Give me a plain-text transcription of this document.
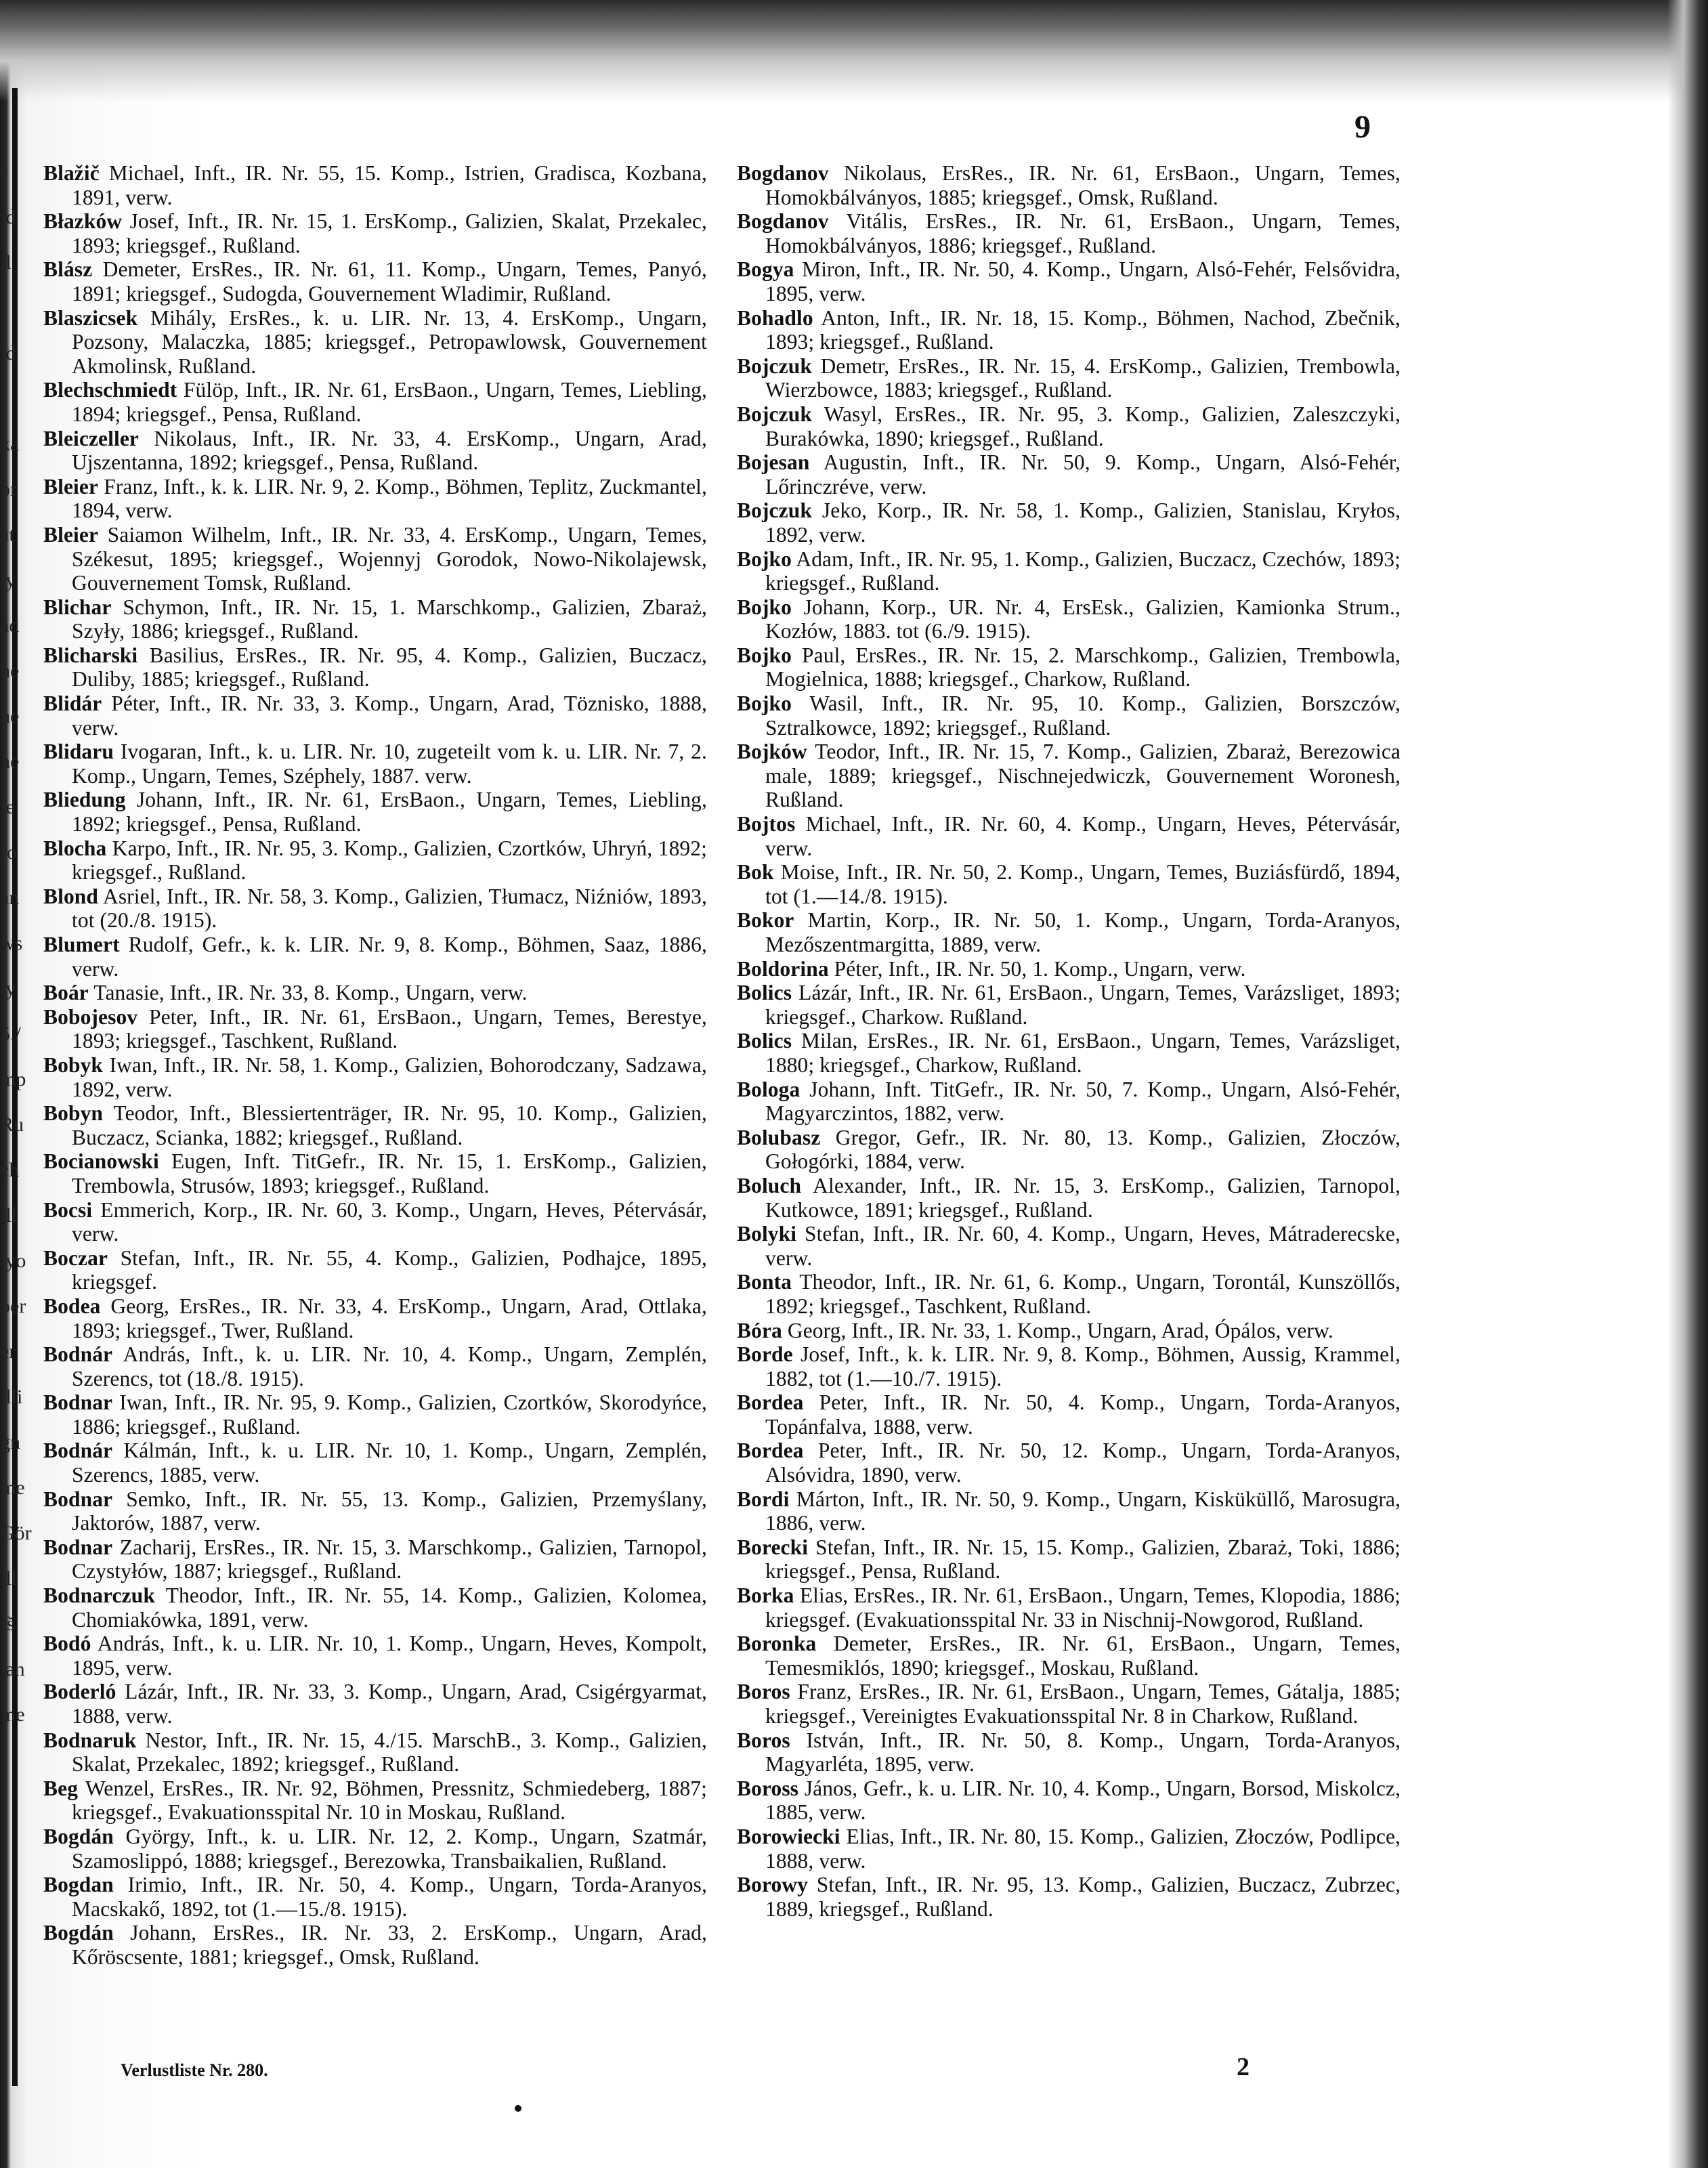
r
id
il
i
ld
t
ka
pr
ät
ty
ad
he
ne
ne
ie
ro
an
ws
ty
5./
mp
Ru
ch
ill
iyo
per
er
illi
gn
me
Gör
ill
rš
lan
me
9
Blažič Michael, Inft., IR. Nr. 55, 15. Komp., Istrien, Gradisca, Kozbana, 1891, verw.
Błazków Josef, Inft., IR. Nr. 15, 1. ErsKomp., Galizien, Skalat, Przekalec, 1893; kriegsgef., Rußland.
Blász Demeter, ErsRes., IR. Nr. 61, 11. Komp., Ungarn, Temes, Panyó, 1891; kriegsgef., Sudogda, Gouvernement Wladimir, Rußland.
Blaszicsek Mihály, ErsRes., k. u. LIR. Nr. 13, 4. ErsKomp., Ungarn, Pozsony, Malaczka, 1885; kriegsgef., Petropawlowsk, Gouvernement Akmolinsk, Rußland.
Blechschmiedt Fülöp, Inft., IR. Nr. 61, ErsBaon., Ungarn, Temes, Liebling, 1894; kriegsgef., Pensa, Rußland.
Bleiczeller Nikolaus, Inft., IR. Nr. 33, 4. ErsKomp., Ungarn, Arad, Ujszentanna, 1892; kriegsgef., Pensa, Rußland.
Bleier Franz, Inft., k. k. LIR. Nr. 9, 2. Komp., Böhmen, Teplitz, Zuckmantel, 1894, verw.
Bleier Saiamon Wilhelm, Inft., IR. Nr. 33, 4. ErsKomp., Ungarn, Temes, Székesut, 1895; kriegsgef., Wojennyj Gorodok, Nowo-Nikolajewsk, Gouvernement Tomsk, Rußland.
Blichar Schymon, Inft., IR. Nr. 15, 1. Marschkomp., Galizien, Zbaraż, Szyły, 1886; kriegsgef., Rußland.
Blicharski Basilius, ErsRes., IR. Nr. 95, 4. Komp., Galizien, Buczacz, Duliby, 1885; kriegsgef., Rußland.
Blidár Péter, Inft., IR. Nr. 33, 3. Komp., Ungarn, Arad, Töznisko, 1888, verw.
Blidaru Ivogaran, Inft., k. u. LIR. Nr. 10, zugeteilt vom k. u. LIR. Nr. 7, 2. Komp., Ungarn, Temes, Széphely, 1887. verw.
Bliedung Johann, Inft., IR. Nr. 61, ErsBaon., Ungarn, Temes, Liebling, 1892; kriegsgef., Pensa, Rußland.
Blocha Karpo, Inft., IR. Nr. 95, 3. Komp., Galizien, Czortków, Uhryń, 1892; kriegsgef., Rußland.
Blond Asriel, Inft., IR. Nr. 58, 3. Komp., Galizien, Tłumacz, Niźniów, 1893, tot (20./8. 1915).
Blumert Rudolf, Gefr., k. k. LIR. Nr. 9, 8. Komp., Böhmen, Saaz, 1886, verw.
Boár Tanasie, Inft., IR. Nr. 33, 8. Komp., Ungarn, verw.
Bobojesov Peter, Inft., IR. Nr. 61, ErsBaon., Ungarn, Temes, Berestye, 1893; kriegsgef., Taschkent, Rußland.
Bobyk Iwan, Inft., IR. Nr. 58, 1. Komp., Galizien, Bohorodczany, Sadzawa, 1892, verw.
Bobyn Teodor, Inft., Blessiertenträger, IR. Nr. 95, 10. Komp., Galizien, Buczacz, Scianka, 1882; kriegsgef., Rußland.
Bocianowski Eugen, Inft. TitGefr., IR. Nr. 15, 1. ErsKomp., Galizien, Trembowla, Strusów, 1893; kriegsgef., Rußland.
Bocsi Emmerich, Korp., IR. Nr. 60, 3. Komp., Ungarn, Heves, Pétervásár, verw.
Boczar Stefan, Inft., IR. Nr. 55, 4. Komp., Galizien, Podhajce, 1895, kriegsgef.
Bodea Georg, ErsRes., IR. Nr. 33, 4. ErsKomp., Ungarn, Arad, Ottlaka, 1893; kriegsgef., Twer, Rußland.
Bodnár András, Inft., k. u. LIR. Nr. 10, 4. Komp., Ungarn, Zemplén, Szerencs, tot (18./8. 1915).
Bodnar Iwan, Inft., IR. Nr. 95, 9. Komp., Galizien, Czortków, Skorodyńce, 1886; kriegsgef., Rußland.
Bodnár Kálmán, Inft., k. u. LIR. Nr. 10, 1. Komp., Ungarn, Zemplén, Szerencs, 1885, verw.
Bodnar Semko, Inft., IR. Nr. 55, 13. Komp., Galizien, Przemyślany, Jaktorów, 1887, verw.
Bodnar Zacharij, ErsRes., IR. Nr. 15, 3. Marschkomp., Galizien, Tarnopol, Czystyłów, 1887; kriegsgef., Rußland.
Bodnarczuk Theodor, Inft., IR. Nr. 55, 14. Komp., Galizien, Kolomea, Chomiakówka, 1891, verw.
Bodó András, Inft., k. u. LIR. Nr. 10, 1. Komp., Ungarn, Heves, Kompolt, 1895, verw.
Boderló Lázár, Inft., IR. Nr. 33, 3. Komp., Ungarn, Arad, Csigérgyarmat, 1888, verw.
Bodnaruk Nestor, Inft., IR. Nr. 15, 4./15. MarschB., 3. Komp., Galizien, Skalat, Przekalec, 1892; kriegsgef., Rußland.
Beg Wenzel, ErsRes., IR. Nr. 92, Böhmen, Pressnitz, Schmiedeberg, 1887; kriegsgef., Evakuationsspital Nr. 10 in Moskau, Rußland.
Bogdán György, Inft., k. u. LIR. Nr. 12, 2. Komp., Ungarn, Szatmár, Szamoslippó, 1888; kriegsgef., Berezowka, Transbaikalien, Rußland.
Bogdan Irimio, Inft., IR. Nr. 50, 4. Komp., Ungarn, Torda-Aranyos, Macskakő, 1892, tot (1.—15./8. 1915).
Bogdán Johann, ErsRes., IR. Nr. 33, 2. ErsKomp., Ungarn, Arad, Kőröscsente, 1881; kriegsgef., Omsk, Rußland.
Bogdanov Nikolaus, ErsRes., IR. Nr. 61, ErsBaon., Ungarn, Temes, Homokbálványos, 1885; kriegsgef., Omsk, Rußland.
Bogdanov Vitális, ErsRes., IR. Nr. 61, ErsBaon., Ungarn, Temes, Homokbálványos, 1886; kriegsgef., Rußland.
Bogya Miron, Inft., IR. Nr. 50, 4. Komp., Ungarn, Alsó-Fehér, Felsővidra, 1895, verw.
Bohadlo Anton, Inft., IR. Nr. 18, 15. Komp., Böhmen, Nachod, Zbečnik, 1893; kriegsgef., Rußland.
Bojczuk Demetr, ErsRes., IR. Nr. 15, 4. ErsKomp., Galizien, Trembowla, Wierzbowce, 1883; kriegsgef., Rußland.
Bojczuk Wasyl, ErsRes., IR. Nr. 95, 3. Komp., Galizien, Zaleszczyki, Burakówka, 1890; kriegsgef., Rußland.
Bojesan Augustin, Inft., IR. Nr. 50, 9. Komp., Ungarn, Alsó-Fehér, Lőrinczréve, verw.
Bojczuk Jeko, Korp., IR. Nr. 58, 1. Komp., Galizien, Stanislau, Kryłos, 1892, verw.
Bojko Adam, Inft., IR. Nr. 95, 1. Komp., Galizien, Buczacz, Czechów, 1893; kriegsgef., Rußland.
Bojko Johann, Korp., UR. Nr. 4, ErsEsk., Galizien, Kamionka Strum., Kozłów, 1883. tot (6./9. 1915).
Bojko Paul, ErsRes., IR. Nr. 15, 2. Marschkomp., Galizien, Trembowla, Mogielnica, 1888; kriegsgef., Charkow, Rußland.
Bojko Wasil, Inft., IR. Nr. 95, 10. Komp., Galizien, Borszczów, Sztralkowce, 1892; kriegsgef., Rußland.
Bojków Teodor, Inft., IR. Nr. 15, 7. Komp., Galizien, Zbaraż, Berezowica male, 1889; kriegsgef., Nischnejedwiczk, Gouvernement Woronesh, Rußland.
Bojtos Michael, Inft., IR. Nr. 60, 4. Komp., Ungarn, Heves, Pétervásár, verw.
Bok Moise, Inft., IR. Nr. 50, 2. Komp., Ungarn, Temes, Buziásfürdő, 1894, tot (1.—14./8. 1915).
Bokor Martin, Korp., IR. Nr. 50, 1. Komp., Ungarn, Torda-Aranyos, Mezőszentmargitta, 1889, verw.
Boldorina Péter, Inft., IR. Nr. 50, 1. Komp., Ungarn, verw.
Bolics Lázár, Inft., IR. Nr. 61, ErsBaon., Ungarn, Temes, Varázsliget, 1893; kriegsgef., Charkow. Rußland.
Bolics Milan, ErsRes., IR. Nr. 61, ErsBaon., Ungarn, Temes, Varázsliget, 1880; kriegsgef., Charkow, Rußland.
Bologa Johann, Inft. TitGefr., IR. Nr. 50, 7. Komp., Ungarn, Alsó-Fehér, Magyarczintos, 1882, verw.
Bolubasz Gregor, Gefr., IR. Nr. 80, 13. Komp., Galizien, Złoczów, Gołogórki, 1884, verw.
Boluch Alexander, Inft., IR. Nr. 15, 3. ErsKomp., Galizien, Tarnopol, Kutkowce, 1891; kriegsgef., Rußland.
Bolyki Stefan, Inft., IR. Nr. 60, 4. Komp., Ungarn, Heves, Mátraderecske, verw.
Bonta Theodor, Inft., IR. Nr. 61, 6. Komp., Ungarn, Torontál, Kunszöllős, 1892; kriegsgef., Taschkent, Rußland.
Bóra Georg, Inft., IR. Nr. 33, 1. Komp., Ungarn, Arad, Ópálos, verw.
Borde Josef, Inft., k. k. LIR. Nr. 9, 8. Komp., Böhmen, Aussig, Krammel, 1882, tot (1.—10./7. 1915).
Bordea Peter, Inft., IR. Nr. 50, 4. Komp., Ungarn, Torda-Aranyos, Topánfalva, 1888, verw.
Bordea Peter, Inft., IR. Nr. 50, 12. Komp., Ungarn, Torda-Aranyos, Alsóvidra, 1890, verw.
Bordi Márton, Inft., IR. Nr. 50, 9. Komp., Ungarn, Kisküküllő, Marosugra, 1886, verw.
Borecki Stefan, Inft., IR. Nr. 15, 15. Komp., Galizien, Zbaraż, Toki, 1886; kriegsgef., Pensa, Rußland.
Borka Elias, ErsRes., IR. Nr. 61, ErsBaon., Ungarn, Temes, Klopodia, 1886; kriegsgef. (Evakuationsspital Nr. 33 in Nischnij-Nowgorod, Rußland.
Boronka Demeter, ErsRes., IR. Nr. 61, ErsBaon., Ungarn, Temes, Temesmiklós, 1890; kriegsgef., Moskau, Rußland.
Boros Franz, ErsRes., IR. Nr. 61, ErsBaon., Ungarn, Temes, Gátalja, 1885; kriegsgef., Vereinigtes Evakuationsspital Nr. 8 in Charkow, Rußland.
Boros István, Inft., IR. Nr. 50, 8. Komp., Ungarn, Torda-Aranyos, Magyarléta, 1895, verw.
Boross János, Gefr., k. u. LIR. Nr. 10, 4. Komp., Ungarn, Borsod, Miskolcz, 1885, verw.
Borowiecki Elias, Inft., IR. Nr. 80, 15. Komp., Galizien, Złoczów, Podlipce, 1888, verw.
Borowy Stefan, Inft., IR. Nr. 95, 13. Komp., Galizien, Buczacz, Zubrzec, 1889, kriegsgef., Rußland.
Verlustliste Nr. 280.	2
